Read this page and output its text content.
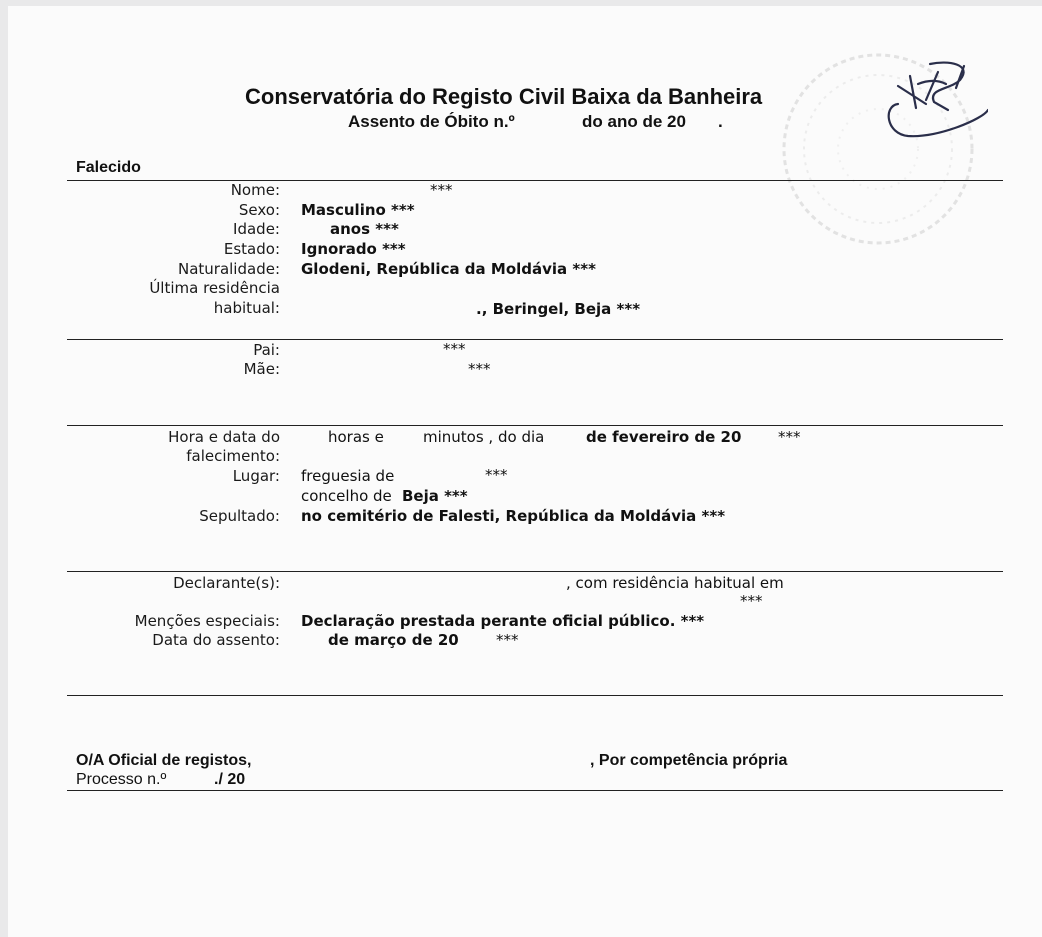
Conservatória do Registo Civil Baixa da Banheira
Assento de Óbito n.º	do ano de 20 .
Falecido
Nome:	***
Sexo: Masculino ***
Idade:	anos ***
Estado: Ignorado ***
Naturalidade: Glodeni, República da Moldávia ***
Última residência
habitual:	., Beringel, Beja ***
Pai:	***
Mãe:	***
Hora e data do
falecimento:
horas e	minutos , do dia	de fevereiro de 20 ***
Lugar: freguesia de	***
concelho de Beja ***
Sepultado: no cemitério de Falesti, República da Moldávia ***
Declarante(s):	, com residência habitual em
***
Menções especiais: Declaração prestada perante oficial público. ***
Data do assento:	de março de 20 ***
O/A Oficial de registos,	, Por competência própria
Processo n.º	./ 20
